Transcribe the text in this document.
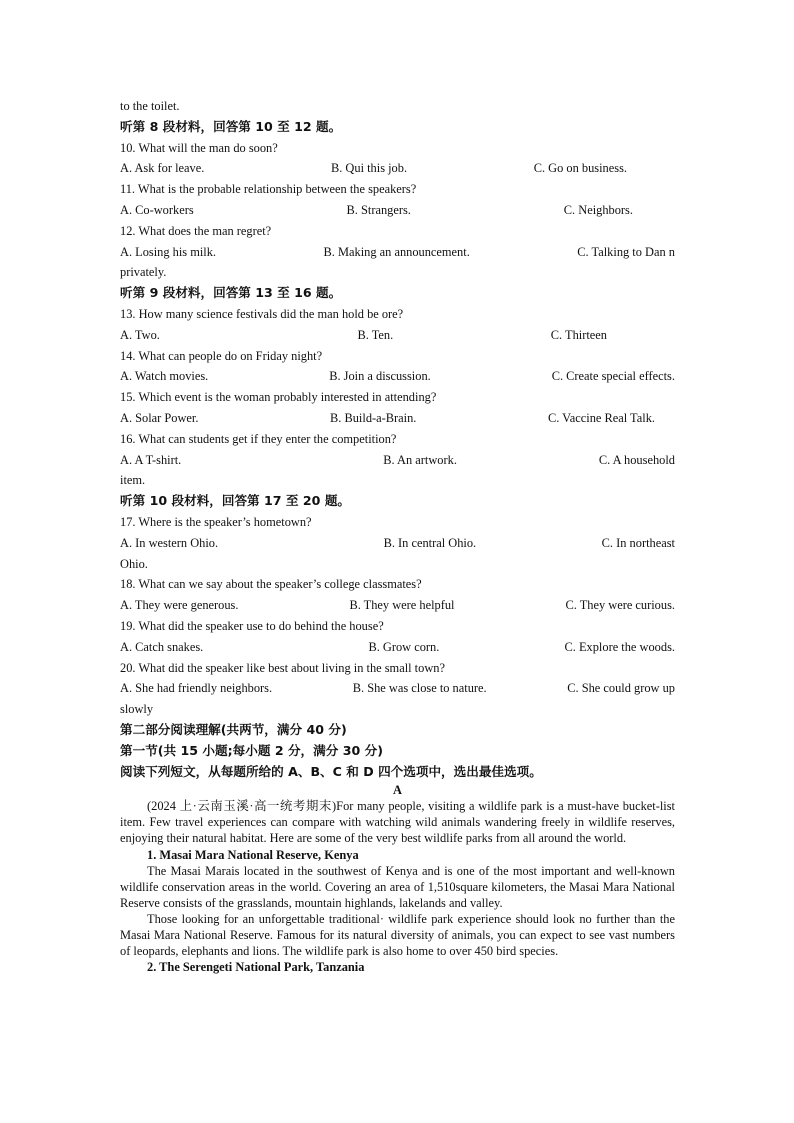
to the toilet.
听第 8 段材料，回答第 10 至 12 题。
10. What will the man do soon?
A. Ask for leave.	B. Qui this job.	C. Go on business.
11. What is the probable relationship between the speakers?
A. Co-workers	B. Strangers.	C. Neighbors.
12. What does the man regret?
A. Losing his milk.	B. Making an announcement.	C. Talking to Dan n
privately.
听第 9 段材料，回答第 13 至 16 题。
13. How many science festivals did the man hold be ore?
A. Two.	B. Ten.	C. Thirteen
14. What can people do on Friday night?
A. Watch movies.	B. Join a discussion.	C. Create special effects.
15. Which event is the woman probably interested in attending?
A. Solar Power.	B. Build-a-Brain.	C. Vaccine Real Talk.
16. What can students get if they enter the competition?
A. A T-shirt.	B. An artwork.	C. A household
item.
听第 10 段材料，回答第 17 至 20 题。
17. Where is the speaker’s hometown?
A. In western Ohio.	B. In central Ohio.	C. In northeast
Ohio.
18. What can we say about the speaker’s college classmates?
A. They were generous.	B. They were helpful	C. They were curious.
19. What did the speaker use to do behind the house?
A. Catch snakes.	B. Grow corn.	C. Explore the woods.
20. What did the speaker like best about living in the small town?
A. She had friendly neighbors.	B. She was close to nature.	C. She could grow up
slowly
第二部分阅读理解(共两节，满分 40 分)
第一节(共 15 小题;每小题 2 分，满分 30 分)
阅读下列短文，从每题所给的 A、B、C 和 D 四个选项中，选出最佳选项。
A
(2024 上·云南玉溪·高一统考期末)For many people, visiting a wildlife park is a must-have bucket-list item. Few travel experiences can compare with watching wild animals wandering freely in wildlife reserves, enjoying their natural habitat. Here are some of the very best wildlife parks from all around the world.
1. Masai Mara National Reserve, Kenya
The Masai Marais located in the southwest of Kenya and is one of the most important and well-known wildlife conservation areas in the world. Covering an area of 1,510square kilometers, the Masai Mara National Reserve consists of the grasslands, mountain highlands, lakelands and valley.
Those looking for an unforgettable traditional· wildlife park experience should look no further than the Masai Mara National Reserve. Famous for its natural diversity of animals, you can expect to see vast numbers of leopards, elephants and lions. The wildlife park is also home to over 450 bird species.
2. The Serengeti National Park, Tanzania
